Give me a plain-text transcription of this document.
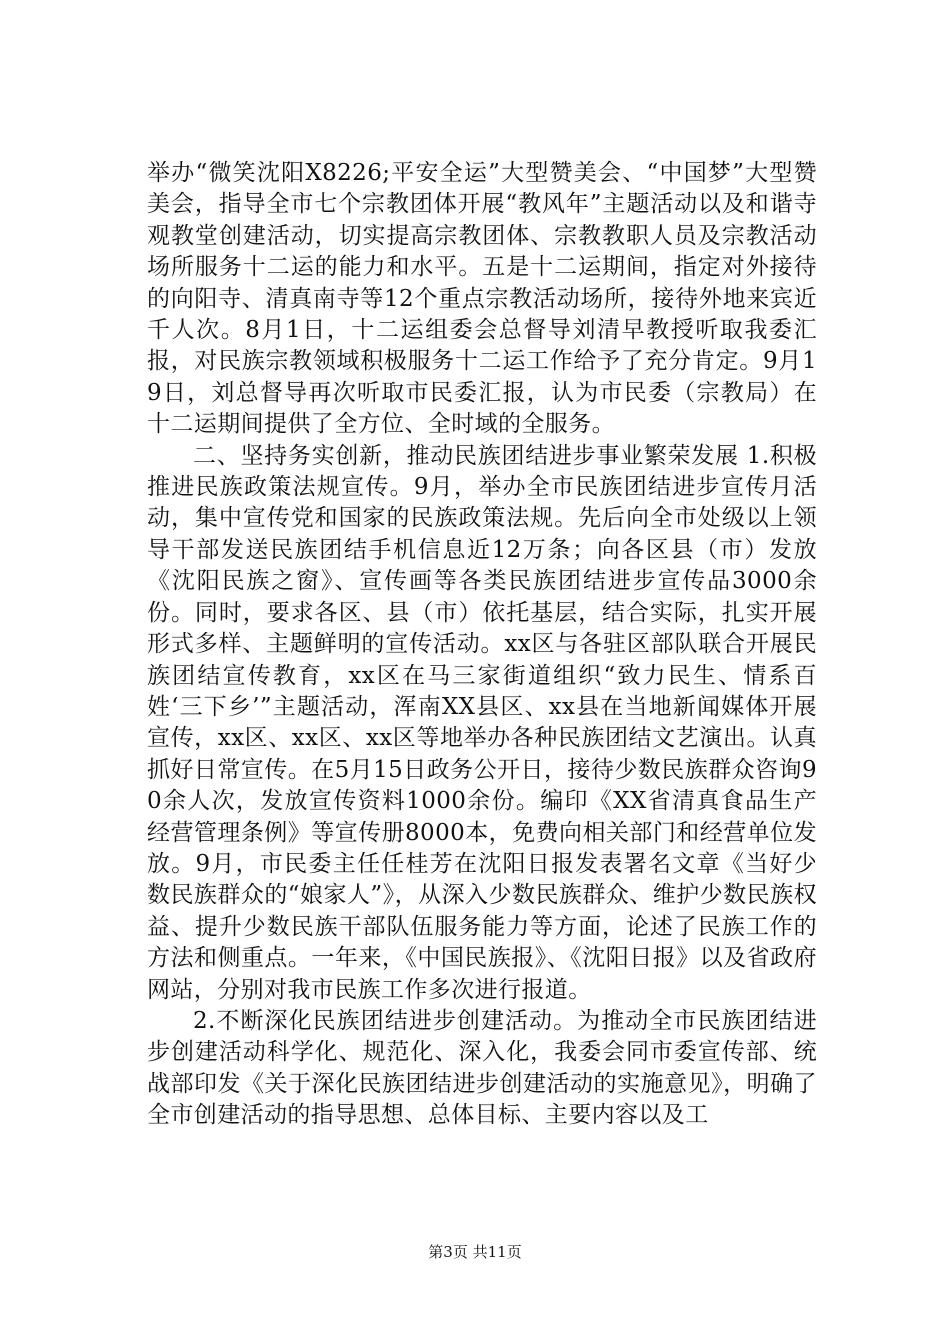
举办“微笑沈阳X8226;平安全运”大型赞美会、“中国梦”大型赞美会，指导全市七个宗教团体开展“教风年”主题活动以及和谐寺观教堂创建活动，切实提高宗教团体、宗教教职人员及宗教活动场所服务十二运的能力和水平。五是十二运期间，指定对外接待的向阳寺、清真南寺等12个重点宗教活动场所，接待外地来宾近千人次。8月1日，十二运组委会总督导刘清早教授听取我委汇报，对民族宗教领域积极服务十二运工作给予了充分肯定。9月19日，刘总督导再次听取市民委汇报，认为市民委（宗教局）在十二运期间提供了全方位、全时域的全服务。

二、坚持务实创新，推动民族团结进步事业繁荣发展 1.积极推进民族政策法规宣传。9月，举办全市民族团结进步宣传月活动，集中宣传党和国家的民族政策法规。先后向全市处级以上领导干部发送民族团结手机信息近12万条；向各区县（市）发放《沈阳民族之窗》、宣传画等各类民族团结进步宣传品3000余份。同时，要求各区、县（市）依托基层，结合实际，扎实开展形式多样、主题鲜明的宣传活动。xx区与各驻区部队联合开展民族团结宣传教育，xx区在马三家街道组织“致力民生、情系百姓‘三下乡’”主题活动，浑南XX县区、xx县在当地新闻媒体开展宣传，xx区、xx区、xx区等地举办各种民族团结文艺演出。认真抓好日常宣传。在5月15日政务公开日，接待少数民族群众咨询90余人次，发放宣传资料1000余份。编印《XX省清真食品生产经营管理条例》等宣传册8000本，免费向相关部门和经营单位发放。9月，市民委主任任桂芳在沈阳日报发表署名文章《当好少数民族群众的“娘家人”》，从深入少数民族群众、维护少数民族权益、提升少数民族干部队伍服务能力等方面，论述了民族工作的方法和侧重点。一年来，《中国民族报》、《沈阳日报》以及省政府网站，分别对我市民族工作多次进行报道。

2.不断深化民族团结进步创建活动。为推动全市民族团结进步创建活动科学化、规范化、深入化，我委会同市委宣传部、统战部印发《关于深化民族团结进步创建活动的实施意见》，明确了全市创建活动的指导思想、总体目标、主要内容以及工

第3页 共11页
